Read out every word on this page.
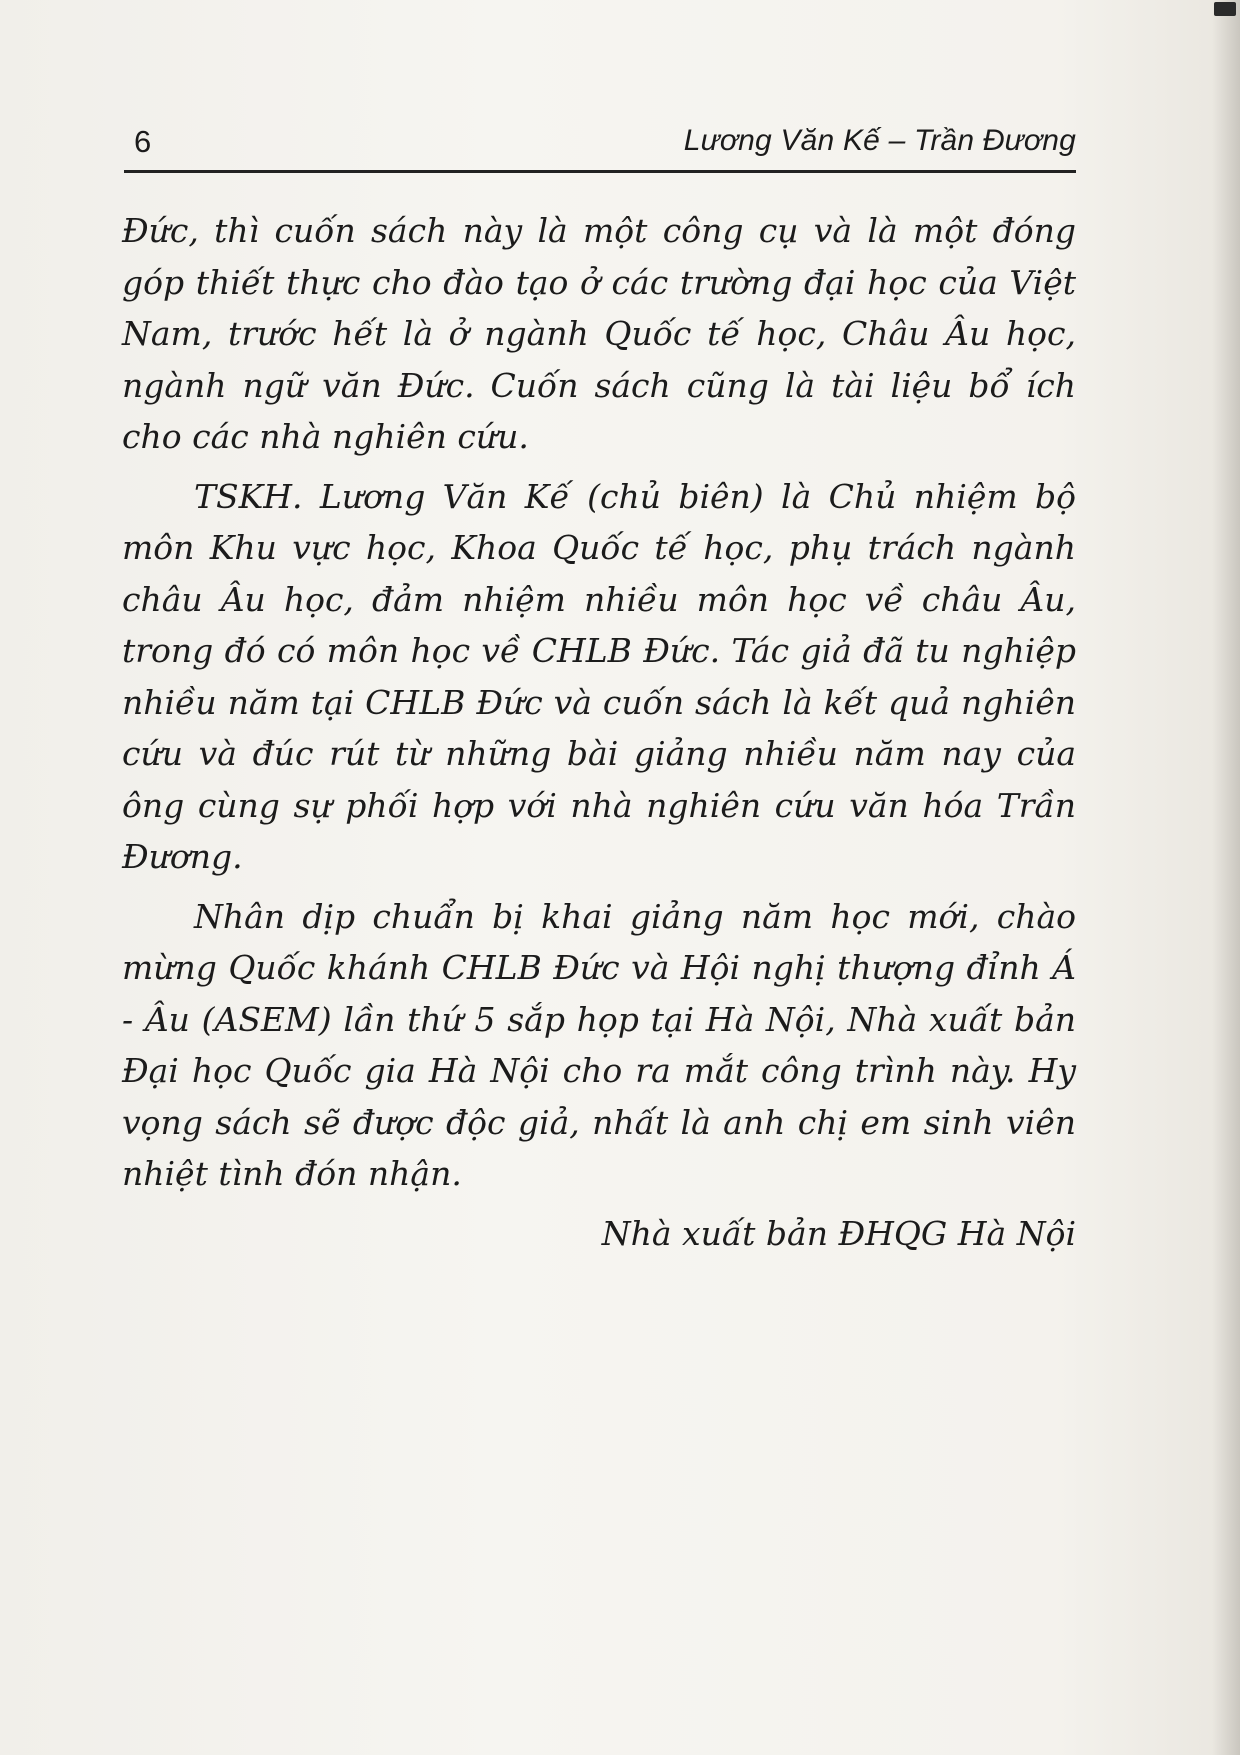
6	Lương Văn Kế – Trần Đương

Đức, thì cuốn sách này là một công cụ và là một đóng góp thiết thực cho đào tạo ở các trường đại học của Việt Nam, trước hết là ở ngành Quốc tế học, Châu Âu học, ngành ngữ văn Đức. Cuốn sách cũng là tài liệu bổ ích cho các nhà nghiên cứu.

TSKH. Lương Văn Kế (chủ biên) là Chủ nhiệm bộ môn Khu vực học, Khoa Quốc tế học, phụ trách ngành châu Âu học, đảm nhiệm nhiều môn học về châu Âu, trong đó có môn học về CHLB Đức. Tác giả đã tu nghiệp nhiều năm tại CHLB Đức và cuốn sách là kết quả nghiên cứu và đúc rút từ những bài giảng nhiều năm nay của ông cùng sự phối hợp với nhà nghiên cứu văn hóa Trần Đương.

Nhân dịp chuẩn bị khai giảng năm học mới, chào mừng Quốc khánh CHLB Đức và Hội nghị thượng đỉnh Á - Âu (ASEM) lần thứ 5 sắp họp tại Hà Nội, Nhà xuất bản Đại học Quốc gia Hà Nội cho ra mắt công trình này. Hy vọng sách sẽ được độc giả, nhất là anh chị em sinh viên nhiệt tình đón nhận.

Nhà xuất bản ĐHQG Hà Nội
